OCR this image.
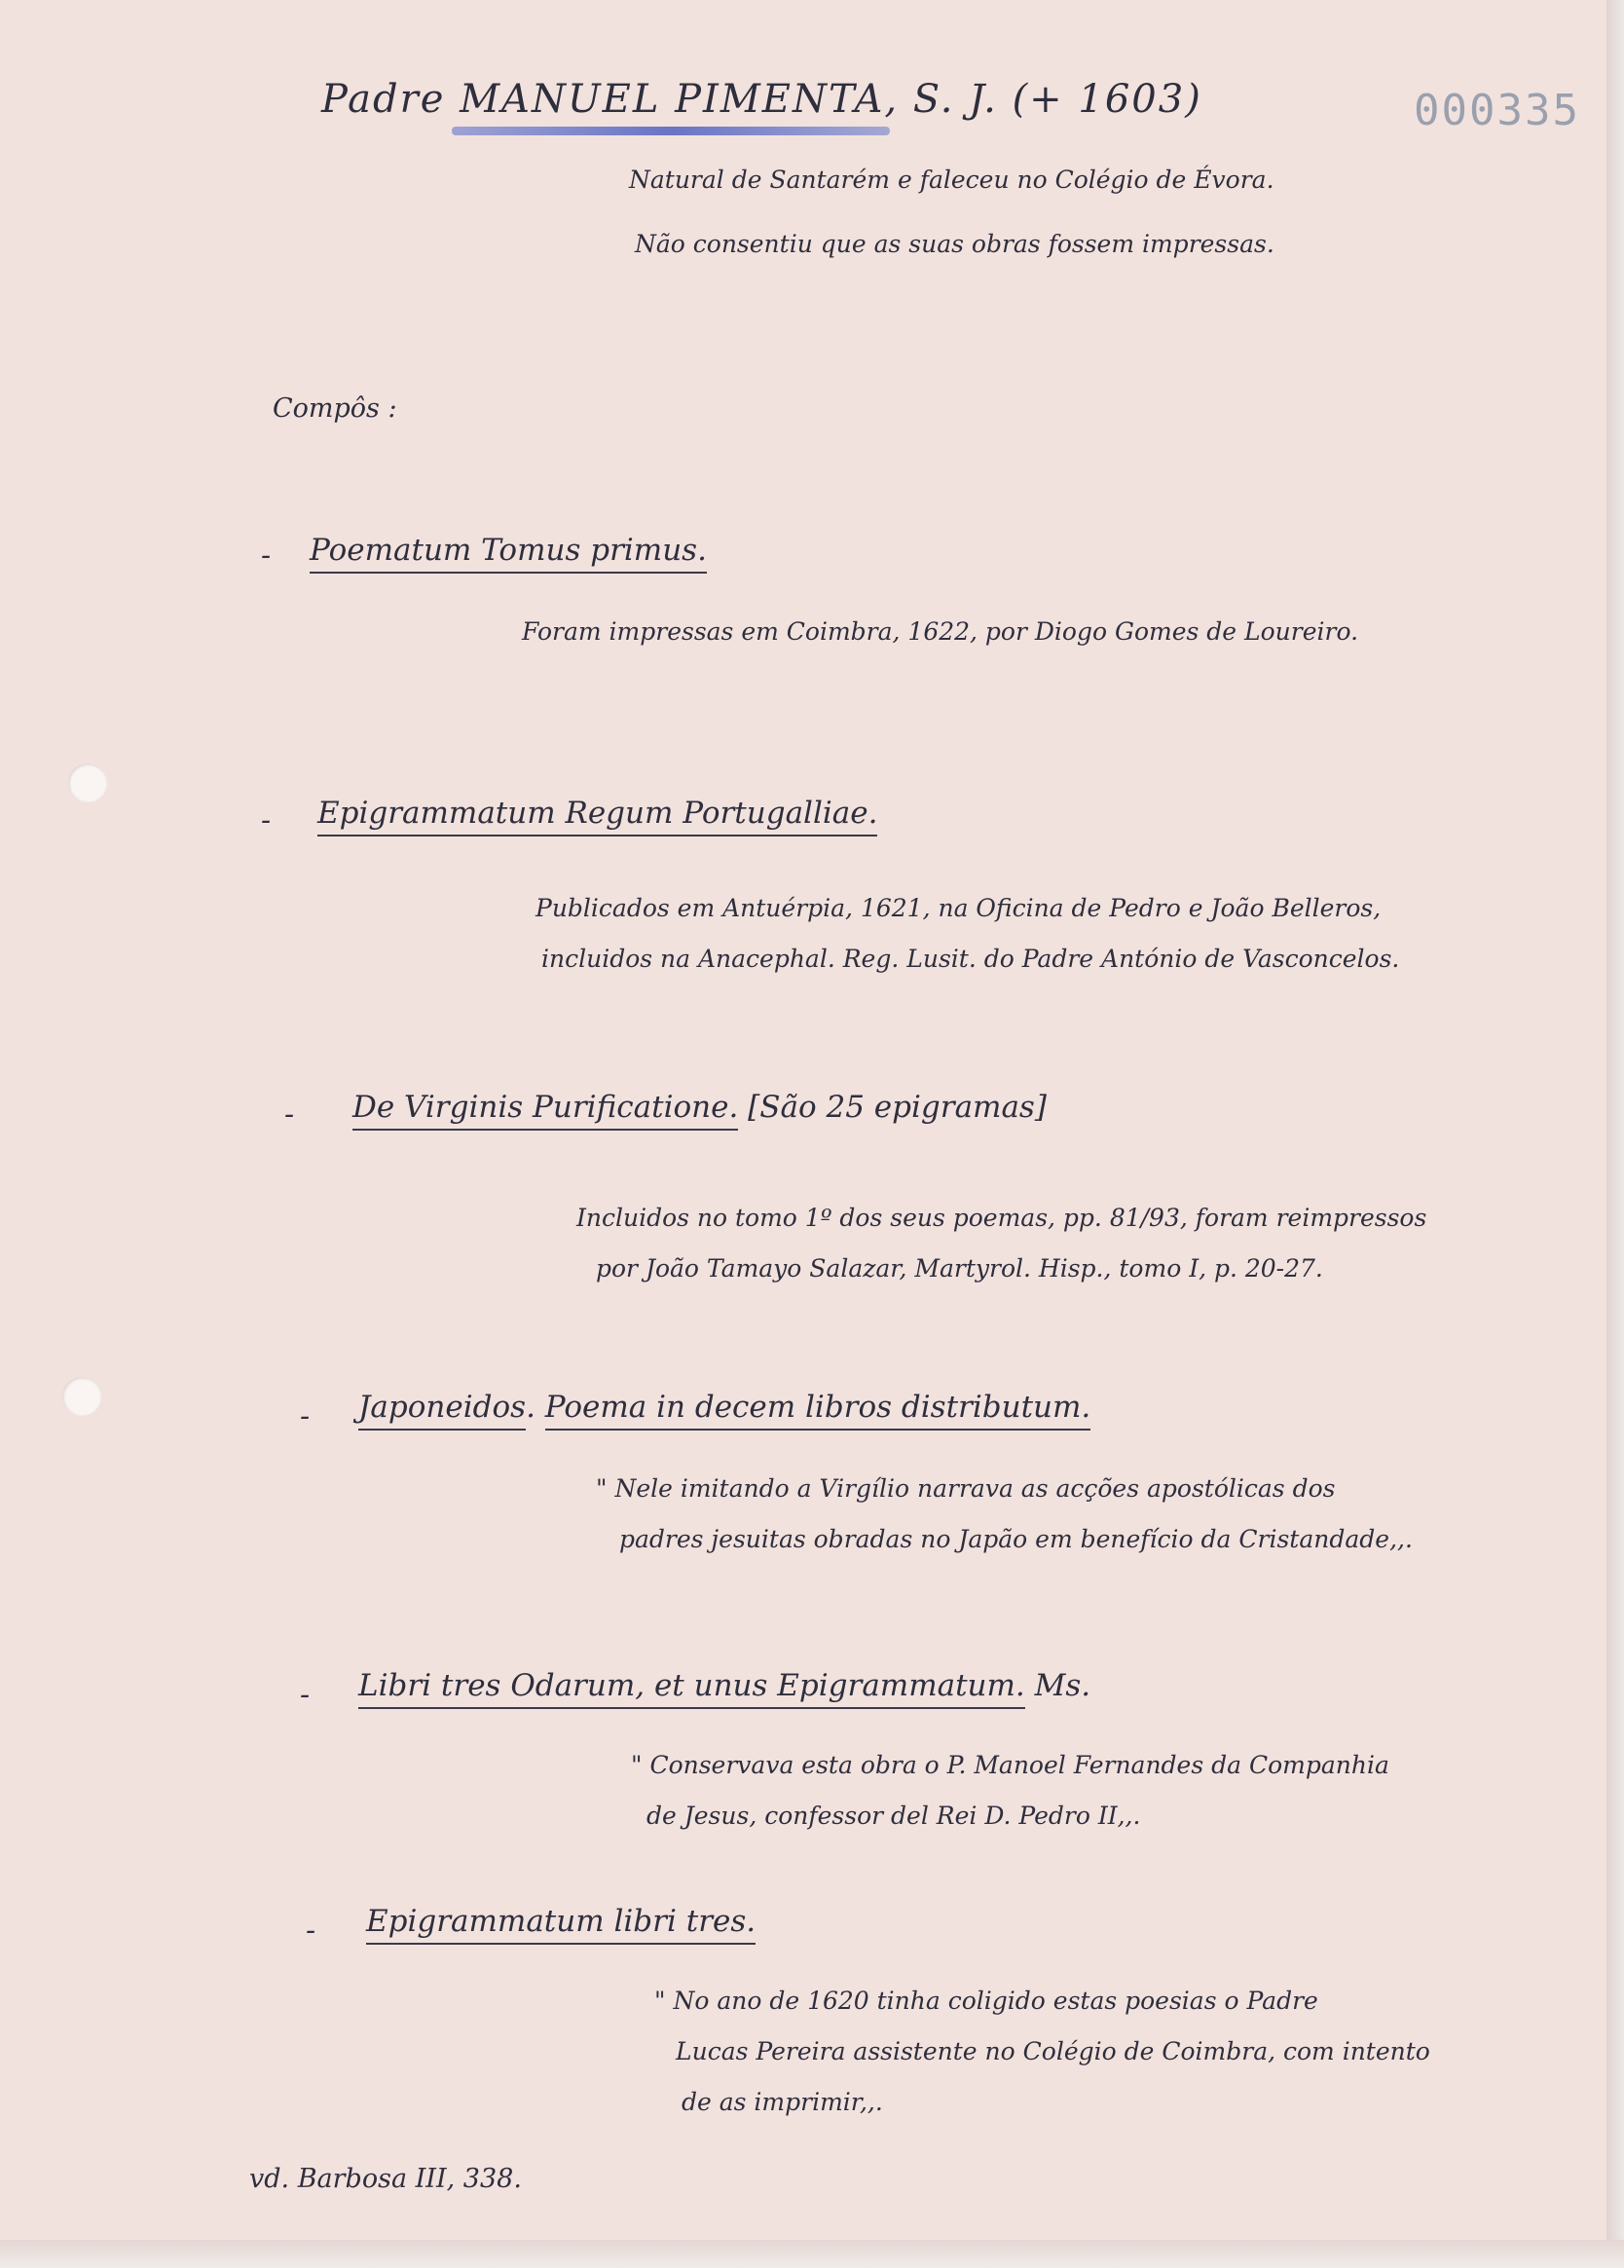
Padre MANUEL PIMENTA, S. J. (+ 1603)	000335
Natural de Santarém e faleceu no Colégio de Évora.
Não consentiu que as suas obras fossem impressas.
Compôs :
- Poematum Tomus primus.
Foram impressas em Coimbra, 1622, por Diogo Gomes de Loureiro.
- Epigrammatum Regum Portugalliae.
Publicados em Antuérpia, 1621, na Oficina de Pedro e João Belleros,
incluidos na Anacephal. Reg. Lusit. do Padre António de Vasconcelos.
- De Virginis Purificatione. [São 25 epigramas]
Incluidos no tomo 1º dos seus poemas, pp. 81/93, foram reimpressos
por João Tamayo Salazar, Martyrol. Hisp., tomo I, p. 20-27.
- Japoneidos. Poema in decem libros distributum.
" Nele imitando a Virgílio narrava as acções apostólicas dos
padres jesuitas obradas no Japão em benefício da Cristandade,,.
- Libri tres Odarum, et unus Epigrammatum. Ms.
" Conservava esta obra o P. Manoel Fernandes da Companhia
de Jesus, confessor del Rei D. Pedro II,,.
- Epigrammatum libri tres.
" No ano de 1620 tinha coligido estas poesias o Padre
Lucas Pereira assistente no Colégio de Coimbra, com intento
de as imprimir,,.
vd. Barbosa III, 338.
